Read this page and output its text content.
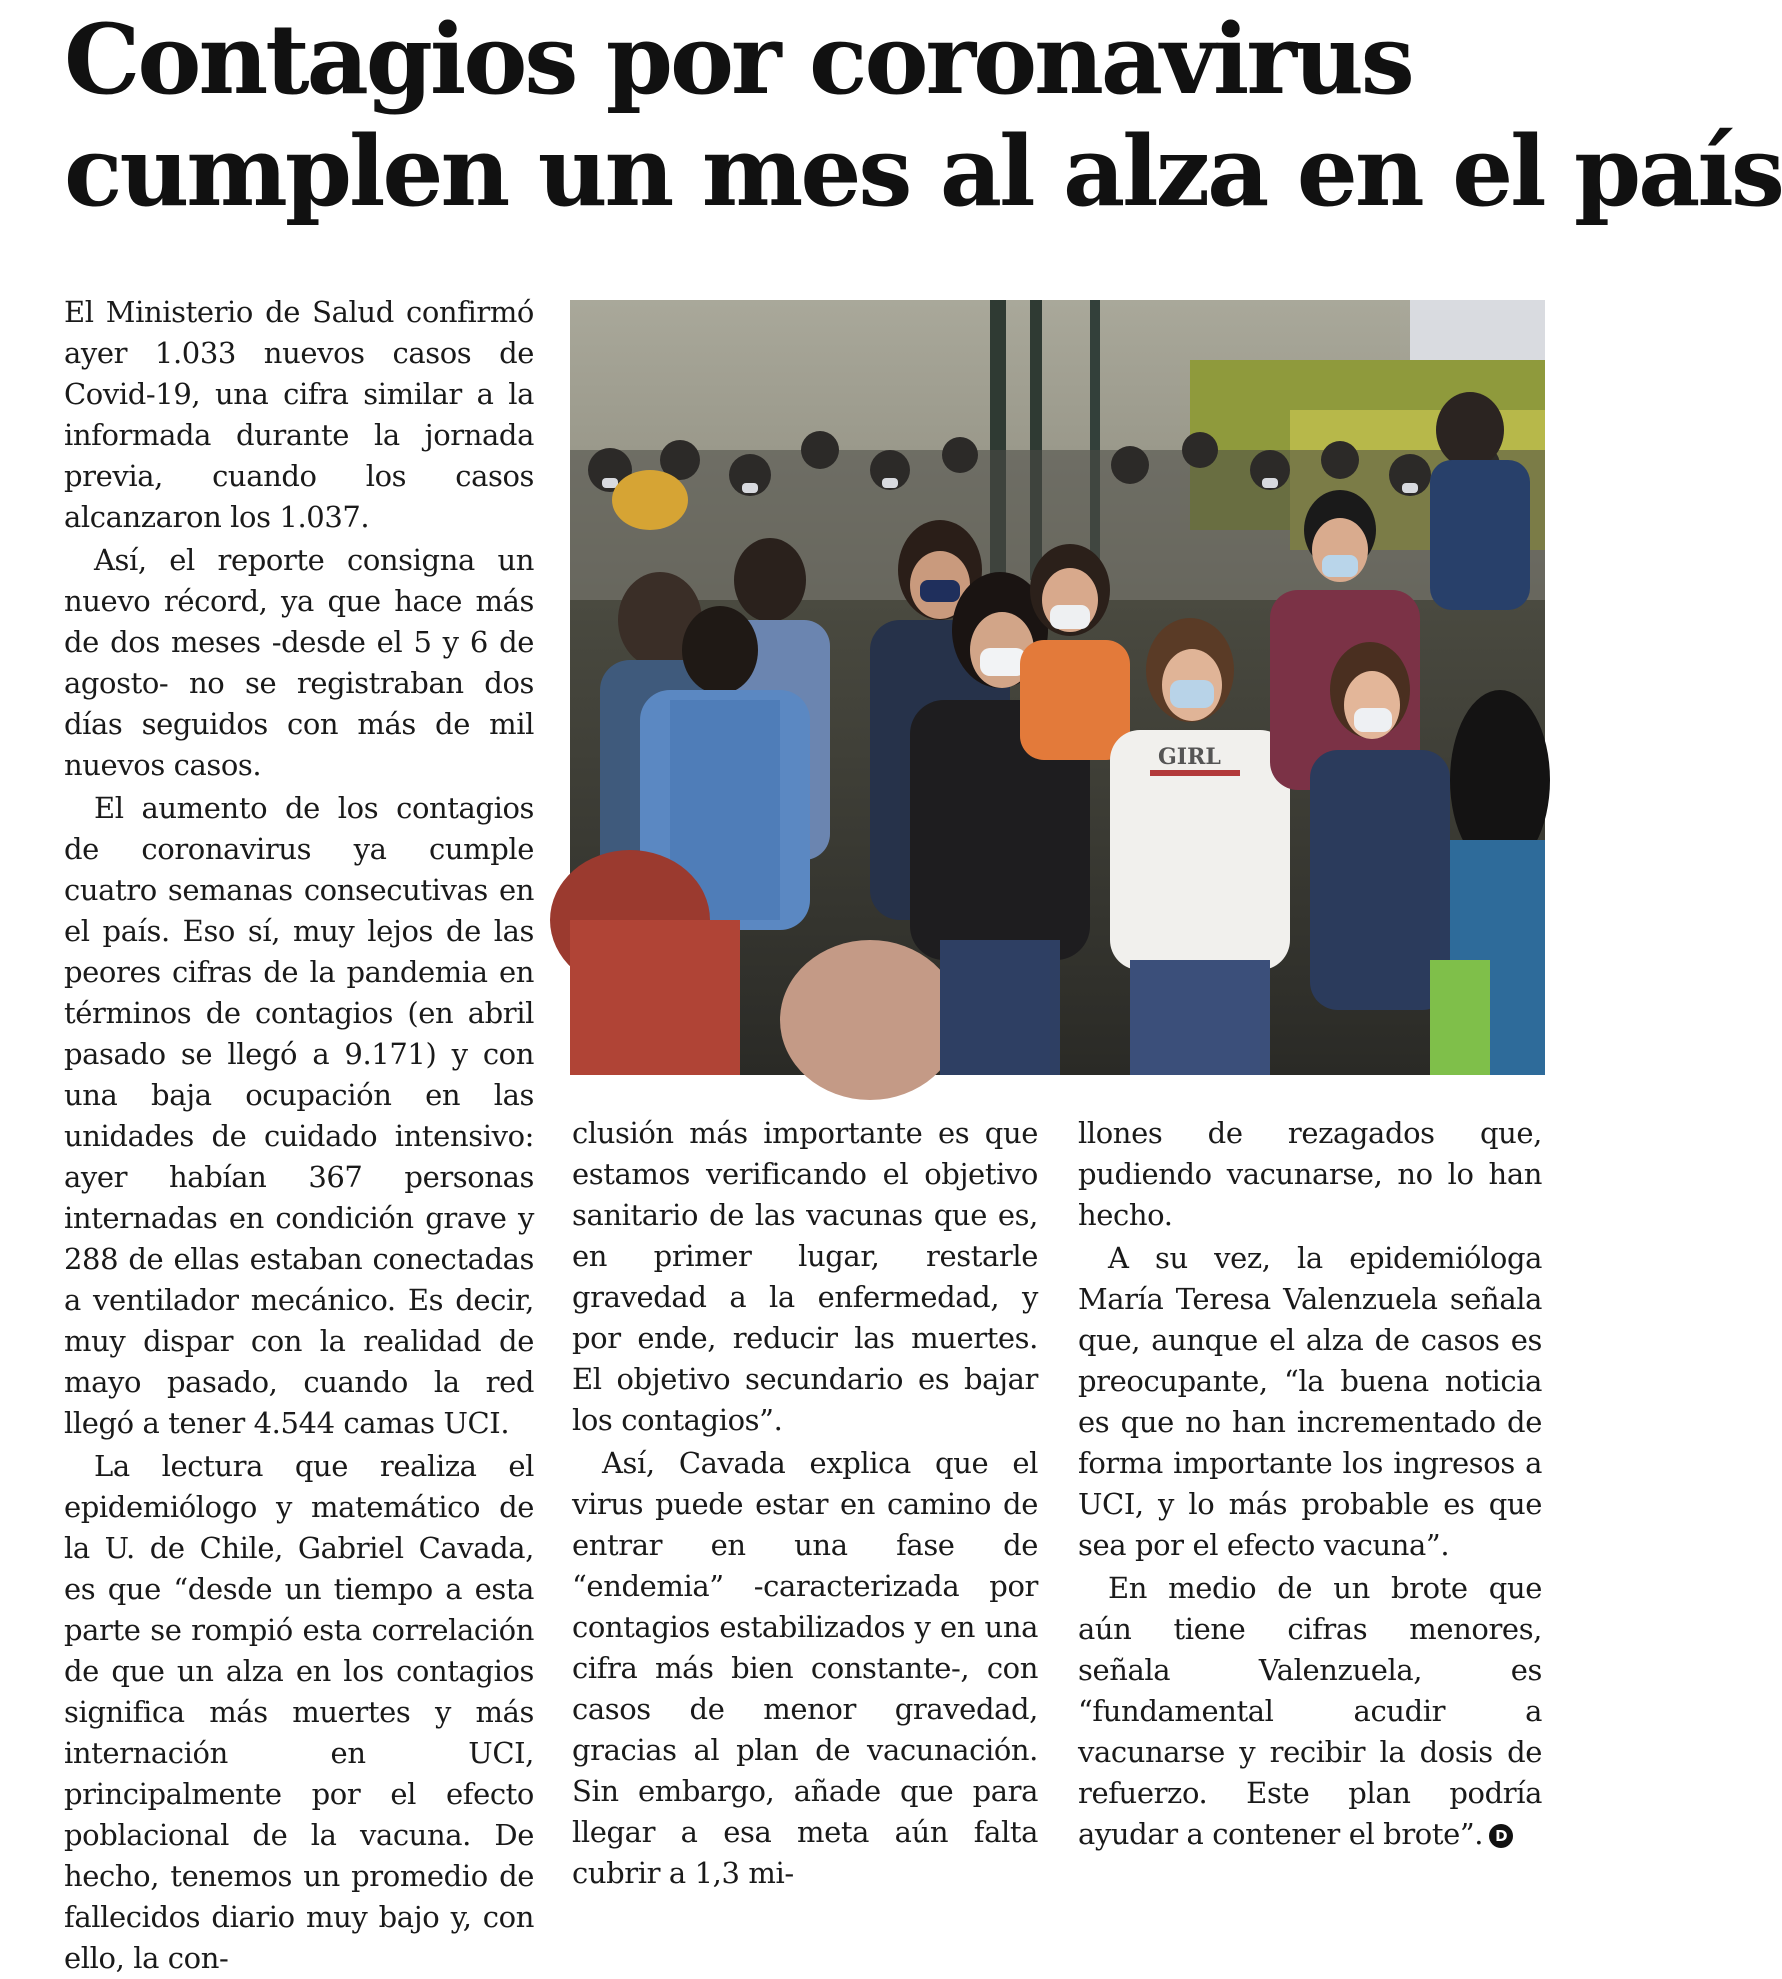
Contagios por coronavirus
cumplen un mes al alza en el país
GIRL

El Ministerio de Salud confirmó ayer 1.033 nuevos casos de Covid-19, una cifra similar a la informada durante la jornada previa, cuando los casos alcanzaron los 1.037.

Así, el reporte consigna un nuevo récord, ya que hace más de dos meses -desde el 5 y 6 de agosto- no se registraban dos días seguidos con más de mil nuevos casos.

El aumento de los contagios de coronavirus ya cumple cuatro semanas consecutivas en el país. Eso sí, muy lejos de las peores cifras de la pandemia en términos de contagios (en abril pasado se llegó a 9.171) y con una baja ocupación en las unidades de cuidado intensivo: ayer habían 367 personas internadas en condición grave y 288 de ellas estaban conectadas a ventilador mecánico. Es decir, muy dispar con la realidad de mayo pasado, cuando la red llegó a tener 4.544 camas UCI.

La lectura que realiza el epidemiólogo y matemático de la U. de Chile, Gabriel Cavada, es que “desde un tiempo a esta parte se rompió esta correlación de que un alza en los contagios significa más muertes y más internación en UCI, principalmente por el efecto poblacional de la vacuna. De hecho, tenemos un promedio de fallecidos diario muy bajo y, con ello, la con-

clusión más importante es que estamos verificando el objetivo sanitario de las vacunas que es, en primer lugar, restarle gravedad a la enfermedad, y por ende, reducir las muertes. El objetivo secundario es bajar los contagios”.

Así, Cavada explica que el virus puede estar en camino de entrar en una fase de “endemia” -caracterizada por contagios estabilizados y en una cifra más bien constante-, con casos de menor gravedad, gracias al plan de vacunación. Sin embargo, añade que para llegar a esa meta aún falta cubrir a 1,3 mi-

llones de rezagados que, pudiendo vacunarse, no lo han hecho.

A su vez, la epidemióloga María Teresa Valenzuela señala que, aunque el alza de casos es preocupante, “la buena noticia es que no han incrementado de forma importante los ingresos a UCI, y lo más probable es que sea por el efecto vacuna”.

En medio de un brote que aún tiene cifras menores, señala Valenzuela, es “fundamental acudir a vacunarse y recibir la dosis de refuerzo. Este plan podría ayudar a contener el brote”. D
